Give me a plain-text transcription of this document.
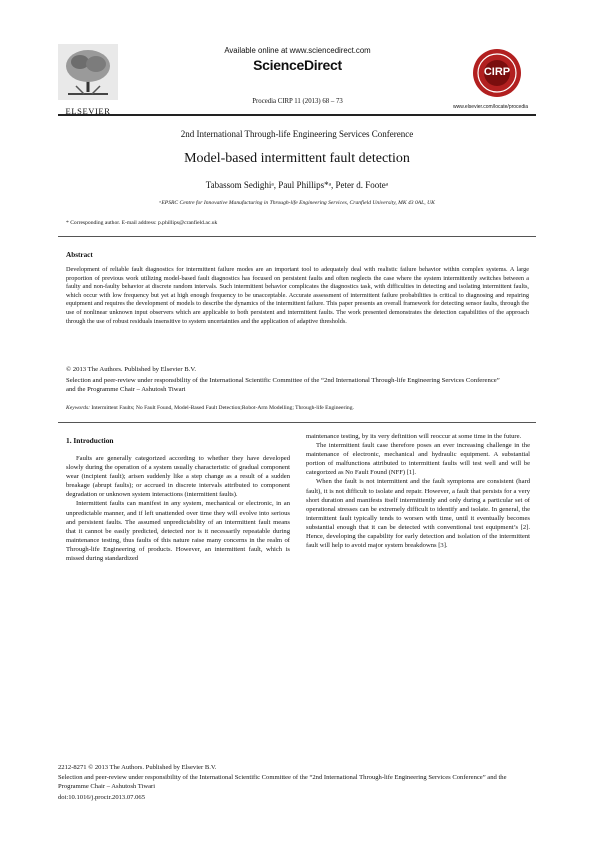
ELSEVIER
Available online at www.sciencedirect.com
ScienceDirect
Procedia CIRP 11 (2013) 68 – 73
CIRP
www.elsevier.com/locate/procedia
2nd International Through-life Engineering Services Conference
Model-based intermittent fault detection
Tabassom Sedighiᵃ, Paul Phillips*ᵃ, Peter d. Footeᵃ
ᵃEPSRC Centre for Innovative Manufacturing in Through-life Engineering Services, Cranfield University, MK 43 0AL, UK
* Corresponding author. E-mail address: p.phillips@cranfield.ac.uk
Abstract
Development of reliable fault diagnostics for intermittent failure modes are an important tool to adequately deal with realistic failure behavior within complex systems. A large proportion of previous work utilizing model-based fault diagnostics has focused on persistent faults and often neglects the case where the system intermittently switches between a faulty and non-faulty behavior at discrete random intervals. Such intermittent behavior complicates the diagnostics task, with difficulties in detecting and isolating intermittent faults, which occur with low frequency but yet at high enough frequency to be unacceptable. Accurate assessment of intermittent failure probabilities is critical to diagnosing and repairing equipment and requires the development of models to describe the dynamics of the intermittent failure. This paper presents an overall framework for detecting sensor faults, through the use of nonlinear unknown input observers which are applicable to both persistent and intermittent faults. The work presented demonstrates the detection capabilities of the approach through the use of robust residuals insensitive to system uncertainties and the application of adaptive thresholds.
© 2013 The Authors. Published by Elsevier B.V.
Selection and peer-review under responsibility of the International Scientific Committee of the “2nd International Through-life Engineering Services Conference” and the Programme Chair – Ashutosh Tiwari
Keywords: Intermittent Faults; No Fault Found, Model-Based Fault Detection;Robot-Arm Modelling; Through-life Engineering.
1. Introduction

Faults are generally categorized according to whether they have developed slowly during the operation of a system usually characteristic of gradual component wear (incipient fault); arisen suddenly like a step change as a result of a sudden breakage (abrupt faults); or accrued in discrete intervals attributed to component degradation or unknown system interactions (intermittent faults).

Intermittent faults can manifest in any system, mechanical or electronic, in an unpredictable manner, and if left unattended over time they will evolve into serious and persistent faults. The assumed unpredictability of an intermittent fault means that it cannot be easily predicted, detected nor is it necessarily repeatable during maintenance testing, thus faults of this nature raise many concerns in the realm of Through-life Engineering of products. However, an intermittent fault, which is missed during standardized

maintenance testing, by its very definition will reoccur at some time in the future.

The intermittent fault case therefore poses an ever increasing challenge in the maintenance of electronic, mechanical and hydraulic equipment. A substantial portion of malfunctions attributed to intermittent faults will test well and will be categorized as No Fault Found (NFF) [1].

When the fault is not intermittent and the fault symptoms are consistent (hard fault), it is not difficult to isolate and repair. However, a fault that persists for a very short duration and manifests itself intermittently and only during a particular set of operational stresses can be extremely difficult to identify and isolate. In general, the intermittent fault typically tends to worsen with time, until it eventually becomes substantial enough that it can be detected with conventional test equipment’s [2]. Hence, developing the capability for early detection and isolation of the intermittent fault will help to avoid major system breakdowns [3].

2212-8271 © 2013 The Authors. Published by Elsevier B.V.
Selection and peer-review under responsibility of the International Scientific Committee of the “2nd International Through-life Engineering Services Conference” and the Programme Chair – Ashutosh Tiwari
doi:10.1016/j.procir.2013.07.065
